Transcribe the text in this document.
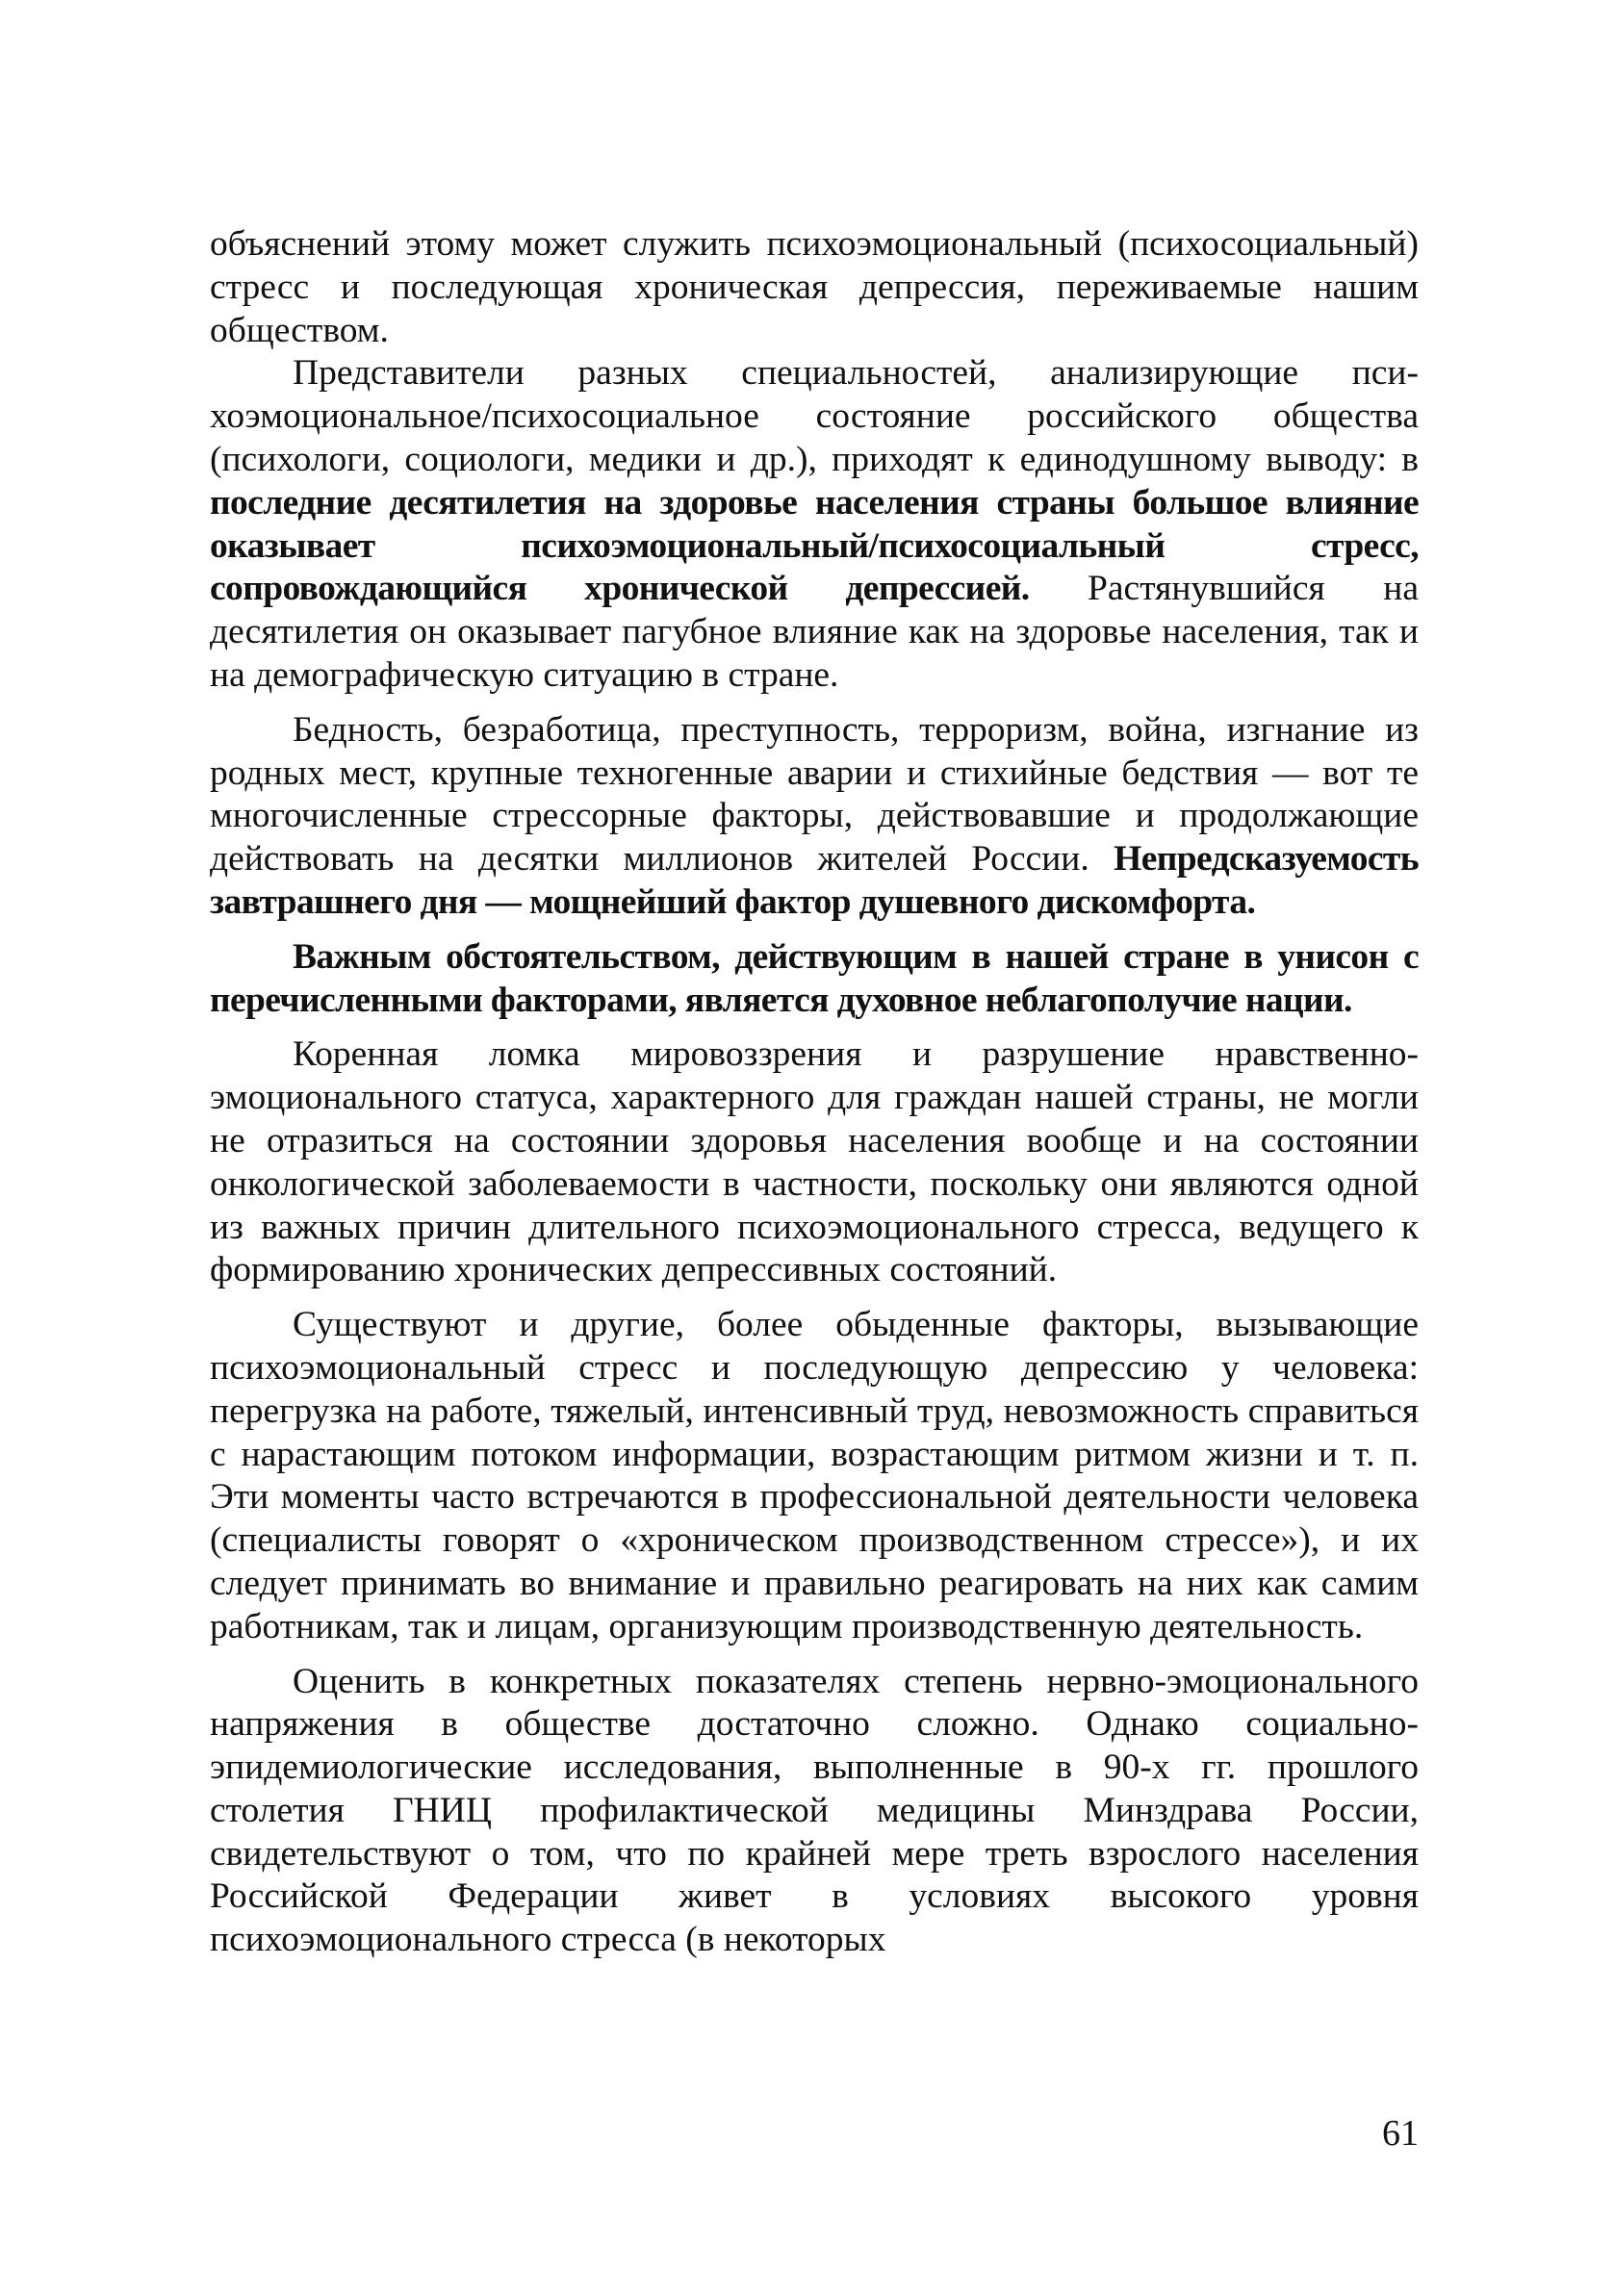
объяснений этому может служить психоэмоциональный (психосоциальный) стресс и последующая хроническая депрессия, переживаемые нашим обществом.

Представители разных специальностей, анализирующие психоэмоциональное/психосоциальное состояние российского общества (психологи, социологи, медики и др.), приходят к единодушному выводу: в последние десятилетия на здоровье населения страны большое влияние оказывает психоэмоциональный/психосоциальный стресс, сопровождающийся хронической депрессией. Растянувшийся на десятилетия он оказывает пагубное влияние как на здоровье населения, так и на демографическую ситуацию в стране.

Бедность, безработица, преступность, терроризм, война, изгнание из родных мест, крупные техногенные аварии и стихийные бедствия — вот те многочисленные стрессорные факторы, действовавшие и продолжающие действовать на десятки миллионов жителей России. Непредсказуемость завтрашнего дня — мощнейший фактор душевного дискомфорта.

Важным обстоятельством, действующим в нашей стране в унисон с перечисленными факторами, является духовное неблагополучие нации.

Коренная ломка мировоззрения и разрушение нравственно-эмоционального статуса, характерного для граждан нашей страны, не могли не отразиться на состоянии здоровья населения вообще и на состоянии онкологической заболеваемости в частности, поскольку они являются одной из важных причин длительного психоэмоционального стресса, ведущего к формированию хронических депрессивных состояний.

Существуют и другие, более обыденные факторы, вызывающие психоэмоциональный стресс и последующую депрессию у человека: перегрузка на работе, тяжелый, интенсивный труд, невозможность справиться с нарастающим потоком информации, возрастающим ритмом жизни и т. п. Эти моменты часто встречаются в профессиональной деятельности человека (специалисты говорят о «хроническом производственном стрессе»), и их следует принимать во внимание и правильно реагировать на них как самим работникам, так и лицам, организующим производственную деятельность.

Оценить в конкретных показателях степень нервно-эмоционального напряжения в обществе достаточно сложно. Однако социально-эпидемиологические исследования, выполненные в 90-х гг. прошлого столетия ГНИЦ профилактической медицины Минздрава России, свидетельствуют о том, что по крайней мере треть взрослого населения Российской Федерации живет в условиях высокого уровня психоэмоционального стресса (в некоторых

61
